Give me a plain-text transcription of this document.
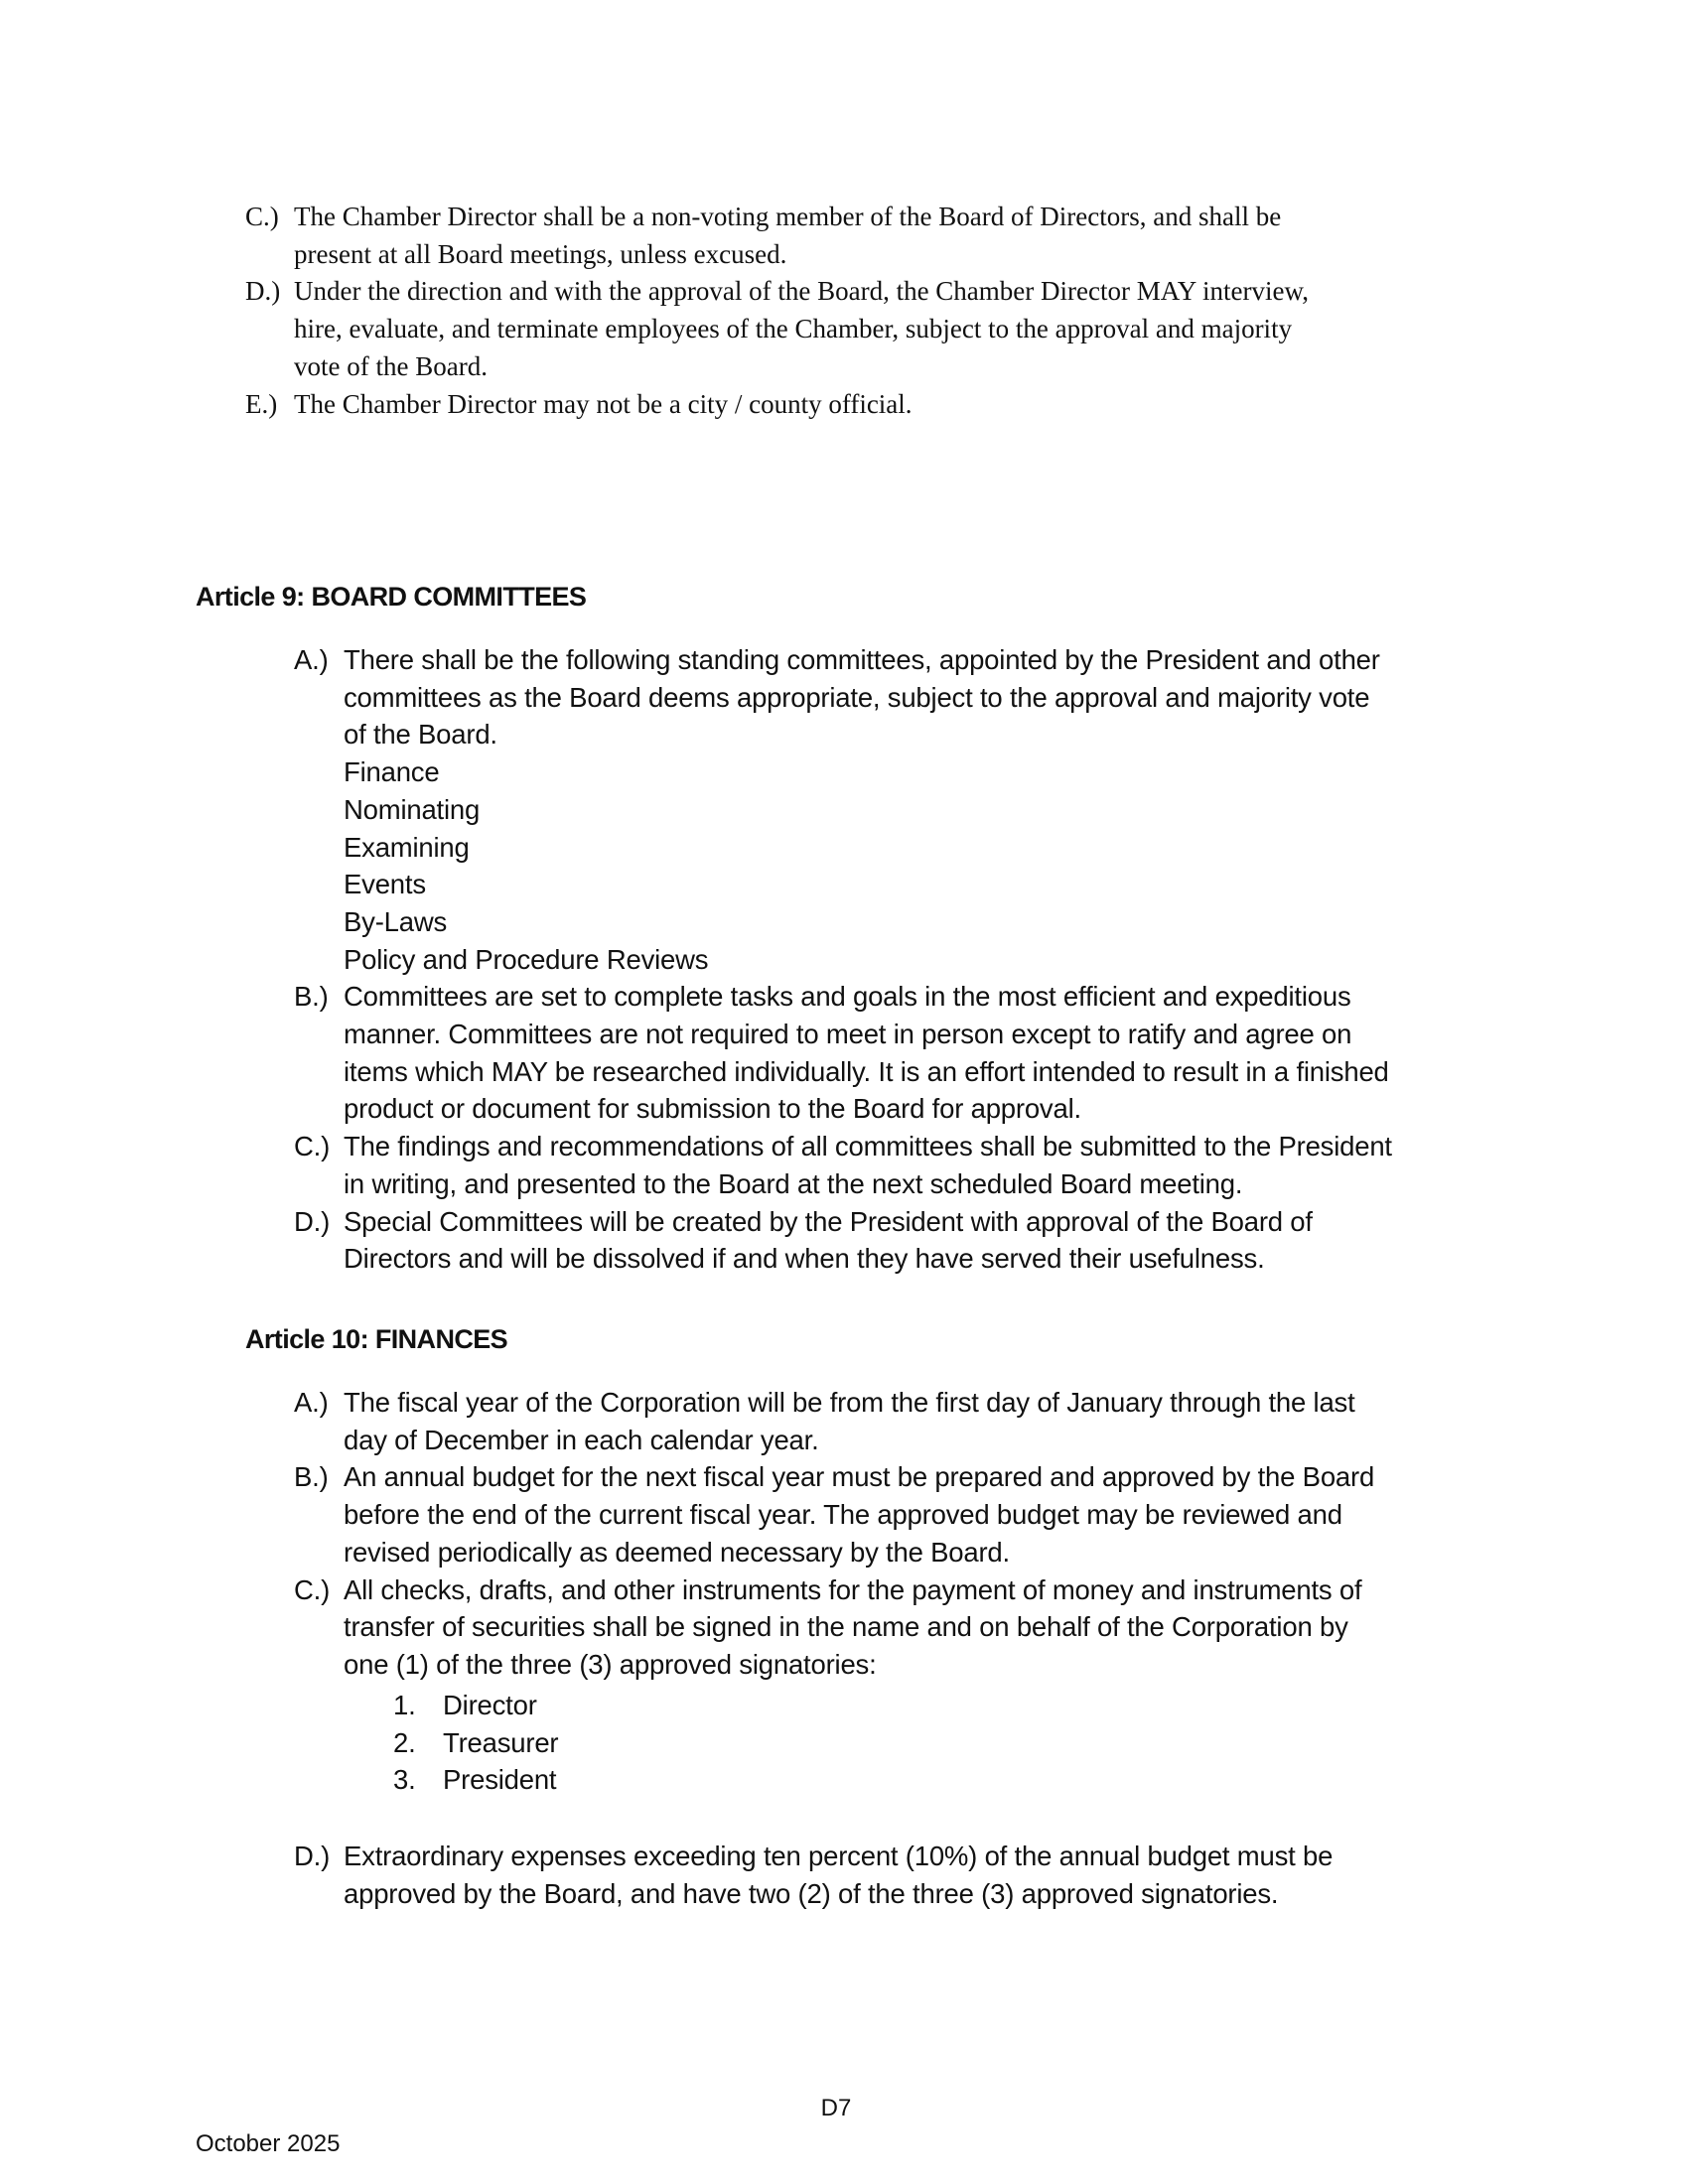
C.) The Chamber Director shall be a non-voting member of the Board of Directors, and shall be
present at all Board meetings, unless excused.
D.) Under the direction and with the approval of the Board, the Chamber Director MAY interview,
hire, evaluate, and terminate employees of the Chamber, subject to the approval and majority
vote of the Board.
E.) The Chamber Director may not be a city / county official.
Article 9: BOARD COMMITTEES
A.) There shall be the following standing committees, appointed by the President and other
committees as the Board deems appropriate, subject to the approval and majority vote
of the Board.
Finance
Nominating
Examining
Events
By-Laws
Policy and Procedure Reviews
B.) Committees are set to complete tasks and goals in the most efficient and expeditious
manner. Committees are not required to meet in person except to ratify and agree on
items which MAY be researched individually. It is an effort intended to result in a finished
product or document for submission to the Board for approval.
C.) The findings and recommendations of all committees shall be submitted to the President
in writing, and presented to the Board at the next scheduled Board meeting.
D.) Special Committees will be created by the President with approval of the Board of
Directors and will be dissolved if and when they have served their usefulness.
Article 10: FINANCES
A.) The fiscal year of the Corporation will be from the first day of January through the last
day of December in each calendar year.
B.) An annual budget for the next fiscal year must be prepared and approved by the Board
before the end of the current fiscal year. The approved budget may be reviewed and
revised periodically as deemed necessary by the Board.
C.) All checks, drafts, and other instruments for the payment of money and instruments of
transfer of securities shall be signed in the name and on behalf of the Corporation by
one (1) of the three (3) approved signatories:
1. Director
2. Treasurer
3. President
D.) Extraordinary expenses exceeding ten percent (10%) of the annual budget must be
approved by the Board, and have two (2) of the three (3) approved signatories.
D7
October 2025
